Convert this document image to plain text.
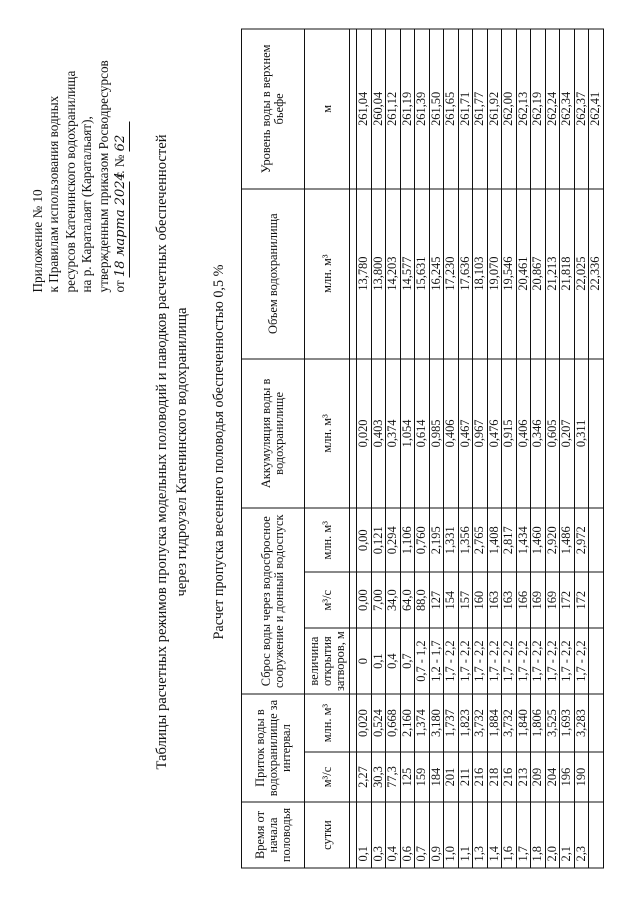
Приложение № 10 к Правилам использования водных ресурсов Катенинского водохранилища на р. Караталаят (Каратальаят), утвержденным приказом Росводресурсов от 18 марта 2024 г. № 62 Таблицы расчетных режимов пропуска модельных половодий и паводков расчетных обеспеченностей через гидроузел Катенинского водохранилища Расчет пропуска весеннего половодья обеспеченностью 0,5 %
Время от начала половодья	Приток воды в водохранилище за интервал		Сброс воды через водосбросное сооружение и донный водоспуск			Аккумуляция воды в водохранилище	Объем водохранилища	Уровень воды в верхнем бьефе
			величина открытия затворов, м	м³/с	млн. м³			
сутки	м³/с	млн. м³				млн. м³	млн. м³	м

0,1	2,27	0,020	0	0,00	0,00	0,020	13,780	261,04
0,3	30,3	0,524	0,1	7,00	0,121	0,403	13,800	260,04
0,4	77,3	0,668	0,4	34,0	0,294	0,374	14,203	261,12
0,6	125	2,160	0,7	64,0	1,106	1,054	14,577	261,19
0,7	159	1,374	0,7 - 1,2	88,0	0,760	0,614	15,631	261,39
0,9	184	3,180	1,2 - 1,7	127	2,195	0,985	16,245	261,50
1,0	201	1,737	1,7 - 2,2	154	1,331	0,406	17,230	261,65
1,1	211	1,823	1,7 - 2,2	157	1,356	0,467	17,636	261,71
1,3	216	3,732	1,7 - 2,2	160	2,765	0,967	18,103	261,77
1,4	218	1,884	1,7 - 2,2	163	1,408	0,476	19,070	261,92
1,6	216	3,732	1,7 - 2,2	163	2,817	0,915	19,546	262,00
1,7	213	1,840	1,7 - 2,2	166	1,434	0,406	20,461	262,13
1,8	209	1,806	1,7 - 2,2	169	1,460	0,346	20,867	262,19
2,0	204	3,525	1,7 - 2,2	169	2,920	0,605	21,213	262,24
2,1	196	1,693	1,7 - 2,2	172	1,486	0,207	21,818	262,34
2,3	190	3,283	1,7 - 2,2	172	2,972	0,311	22,025	262,37
							22,336	262,41
